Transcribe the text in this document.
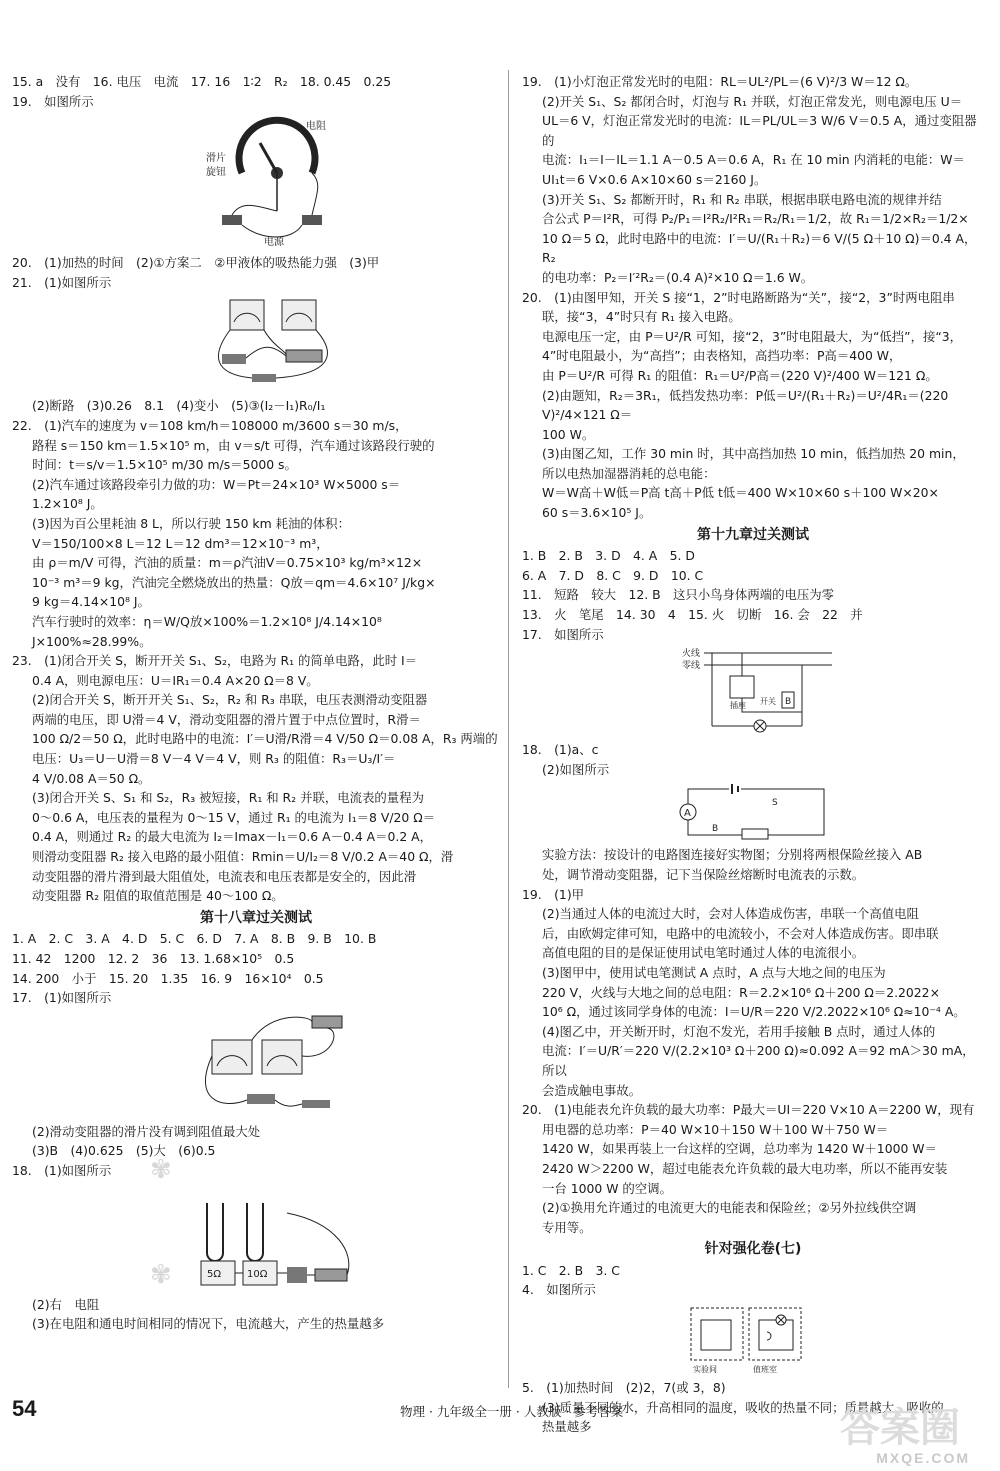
15. a　没有　16. 电压　电流　17. 16　1∶2　R₂　18. 0.45　0.25

19.　如图所示

电阻
滑片
旋钮
电源

20.　(1)加热的时间　(2)①方案二　②甲液体的吸热能力强　(3)甲

21.　(1)如图所示

(2)断路　(3)0.26　8.1　(4)变小　(5)③(I₂－I₁)R₀/I₁

22.　(1)汽车的速度为 v＝108 km/h＝108000 m/3600 s＝30 m/s，

路程 s＝150 km＝1.5×10⁵ m，由 v＝s/t 可得，汽车通过该路段行驶的

时间：t＝s/v＝1.5×10⁵ m/30 m/s＝5000 s。

(2)汽车通过该路段牵引力做的功：W＝Pt＝24×10³ W×5000 s＝

1.2×10⁸ J。

(3)因为百公里耗油 8 L，所以行驶 150 km 耗油的体积：

V＝150/100×8 L＝12 L＝12 dm³＝12×10⁻³ m³，

由 ρ＝m/V 可得，汽油的质量：m＝ρ汽油V＝0.75×10³ kg/m³×12×

10⁻³ m³＝9 kg，汽油完全燃烧放出的热量：Q放＝qm＝4.6×10⁷ J/kg×

9 kg＝4.14×10⁸ J。

汽车行驶时的效率：η＝W/Q放×100%＝1.2×10⁸ J/4.14×10⁸ J×100%≈28.99%。

23.　(1)闭合开关 S，断开开关 S₁、S₂，电路为 R₁ 的简单电路，此时 I＝

0.4 A，则电源电压：U＝IR₁＝0.4 A×20 Ω＝8 V。

(2)闭合开关 S，断开开关 S₁、S₂，R₂ 和 R₃ 串联，电压表测滑动变阻器

两端的电压，即 U滑＝4 V，滑动变阻器的滑片置于中点位置时，R滑＝

100 Ω/2＝50 Ω，此时电路中的电流：I′＝U滑/R滑＝4 V/50 Ω＝0.08 A，R₃ 两端的

电压：U₃＝U－U滑＝8 V－4 V＝4 V，则 R₃ 的阻值：R₃＝U₃/I′＝

4 V/0.08 A＝50 Ω。

(3)闭合开关 S、S₁ 和 S₂，R₃ 被短接，R₁ 和 R₂ 并联，电流表的量程为

0～0.6 A，电压表的量程为 0～15 V，通过 R₁ 的电流为 I₁＝8 V/20 Ω＝

0.4 A，则通过 R₂ 的最大电流为 I₂＝Imax－I₁＝0.6 A－0.4 A＝0.2 A，

则滑动变阻器 R₂ 接入电路的最小阻值：Rmin＝U/I₂＝8 V/0.2 A＝40 Ω，滑

动变阻器的滑片滑到最大阻值处，电流表和电压表都是安全的，因此滑

动变阻器 R₂ 阻值的取值范围是 40～100 Ω。

第十八章过关测试

1. A　2. C　3. A　4. D　5. C　6. D　7. A　8. B　9. B　10. B

11. 42　1200　12. 2　36　13. 1.68×10⁵　0.5

14. 200　小于　15. 20　1.35　16. 9　16×10⁴　0.5

17.　(1)如图所示

(2)滑动变阻器的滑片没有调到阻值最大处

(3)B　(4)0.625　(5)大　(6)0.5

18.　(1)如图所示

5Ω	10Ω

(2)右　电阻

(3)在电阻和通电时间相同的情况下，电流越大，产生的热量越多

19.　(1)小灯泡正常发光时的电阻：RL＝UL²/PL＝(6 V)²/3 W＝12 Ω。

(2)开关 S₁、S₂ 都闭合时，灯泡与 R₁ 并联，灯泡正常发光，则电源电压 U＝

UL＝6 V，灯泡正常发光时的电流：IL＝PL/UL＝3 W/6 V＝0.5 A，通过变阻器的

电流：I₁＝I－IL＝1.1 A－0.5 A＝0.6 A，R₁ 在 10 min 内消耗的电能：W＝

UI₁t＝6 V×0.6 A×10×60 s＝2160 J。

(3)开关 S₁、S₂ 都断开时，R₁ 和 R₂ 串联，根据串联电路电流的规律并结

合公式 P＝I²R，可得 P₂/P₁＝I²R₂/I²R₁＝R₂/R₁＝1/2，故 R₁＝1/2×R₂＝1/2×

10 Ω＝5 Ω，此时电路中的电流：I′＝U/(R₁＋R₂)＝6 V/(5 Ω＋10 Ω)＝0.4 A，R₂

的电功率：P₂＝I′²R₂＝(0.4 A)²×10 Ω＝1.6 W。

20.　(1)由图甲知，开关 S 接“1，2”时电路断路为“关”，接“2，3”时两电阻串

联，接“3，4”时只有 R₁ 接入电路。

电源电压一定，由 P＝U²/R 可知，接“2，3”时电阻最大，为“低挡”，接“3，

4”时电阻最小，为“高挡”；由表格知，高挡功率：P高＝400 W，

由 P＝U²/R 可得 R₁ 的阻值：R₁＝U²/P高＝(220 V)²/400 W＝121 Ω。

(2)由题知，R₂＝3R₁，低挡发热功率：P低＝U²/(R₁＋R₂)＝U²/4R₁＝(220 V)²/4×121 Ω＝

100 W。

(3)由图乙知，工作 30 min 时，其中高挡加热 10 min，低挡加热 20 min，

所以电热加湿器消耗的总电能：

W＝W高＋W低＝P高 t高＋P低 t低＝400 W×10×60 s＋100 W×20×

60 s＝3.6×10⁵ J。

第十九章过关测试

1. B　2. B　3. D　4. A　5. D

6. A　7. D　8. C　9. D　10. C

11.　短路　较大　12. B　这只小鸟身体两端的电压为零

13.　火　笔尾　14. 30　4　15. 火　切断　16. 会　22　并

17.　如图所示

火线
零线
插座 开关 B

18.　(1)a、c

(2)如图所示

A
S
B

实验方法：按设计的电路图连接好实物图；分别将两根保险丝接入 AB

处，调节滑动变阻器，记下当保险丝熔断时电流表的示数。

19.　(1)甲

(2)当通过人体的电流过大时，会对人体造成伤害，串联一个高值电阻

后，由欧姆定律可知，电路中的电流较小，不会对人体造成伤害。即串联

高值电阻的目的是保证使用试电笔时通过人体的电流很小。

(3)图甲中，使用试电笔测试 A 点时，A 点与大地之间的电压为

220 V，火线与大地之间的总电阻：R＝2.2×10⁶ Ω＋200 Ω＝2.2022×

10⁶ Ω，通过该同学身体的电流：I＝U/R＝220 V/2.2022×10⁶ Ω≈10⁻⁴ A。

(4)图乙中，开关断开时，灯泡不发光，若用手接触 B 点时，通过人体的

电流：I′＝U/R′＝220 V/(2.2×10³ Ω＋200 Ω)≈0.092 A＝92 mA＞30 mA，所以

会造成触电事故。

20.　(1)电能表允许负载的最大功率：P最大＝UI＝220 V×10 A＝2200 W，现有

用电器的总功率：P＝40 W×10＋150 W＋100 W＋750 W＝

1420 W，如果再装上一台这样的空调，总功率为 1420 W＋1000 W＝

2420 W＞2200 W，超过电能表允许负载的最大电功率，所以不能再安装

一台 1000 W 的空调。

(2)①换用允许通过的电流更大的电能表和保险丝；②另外拉线供空调

专用等。

针对强化卷(七)

1. C　2. B　3. C

4.　如图所示

实验间	值班室

5.　(1)加热时间　(2)2，7(或 3，8)

(3)质量不同的水，升高相同的温度，吸收的热量不同；质量越大，吸收的

热量越多

✾
✾
54	物理 · 九年级全一册 · 人教版 · 参考答案	答案圈
MXQE.COM
